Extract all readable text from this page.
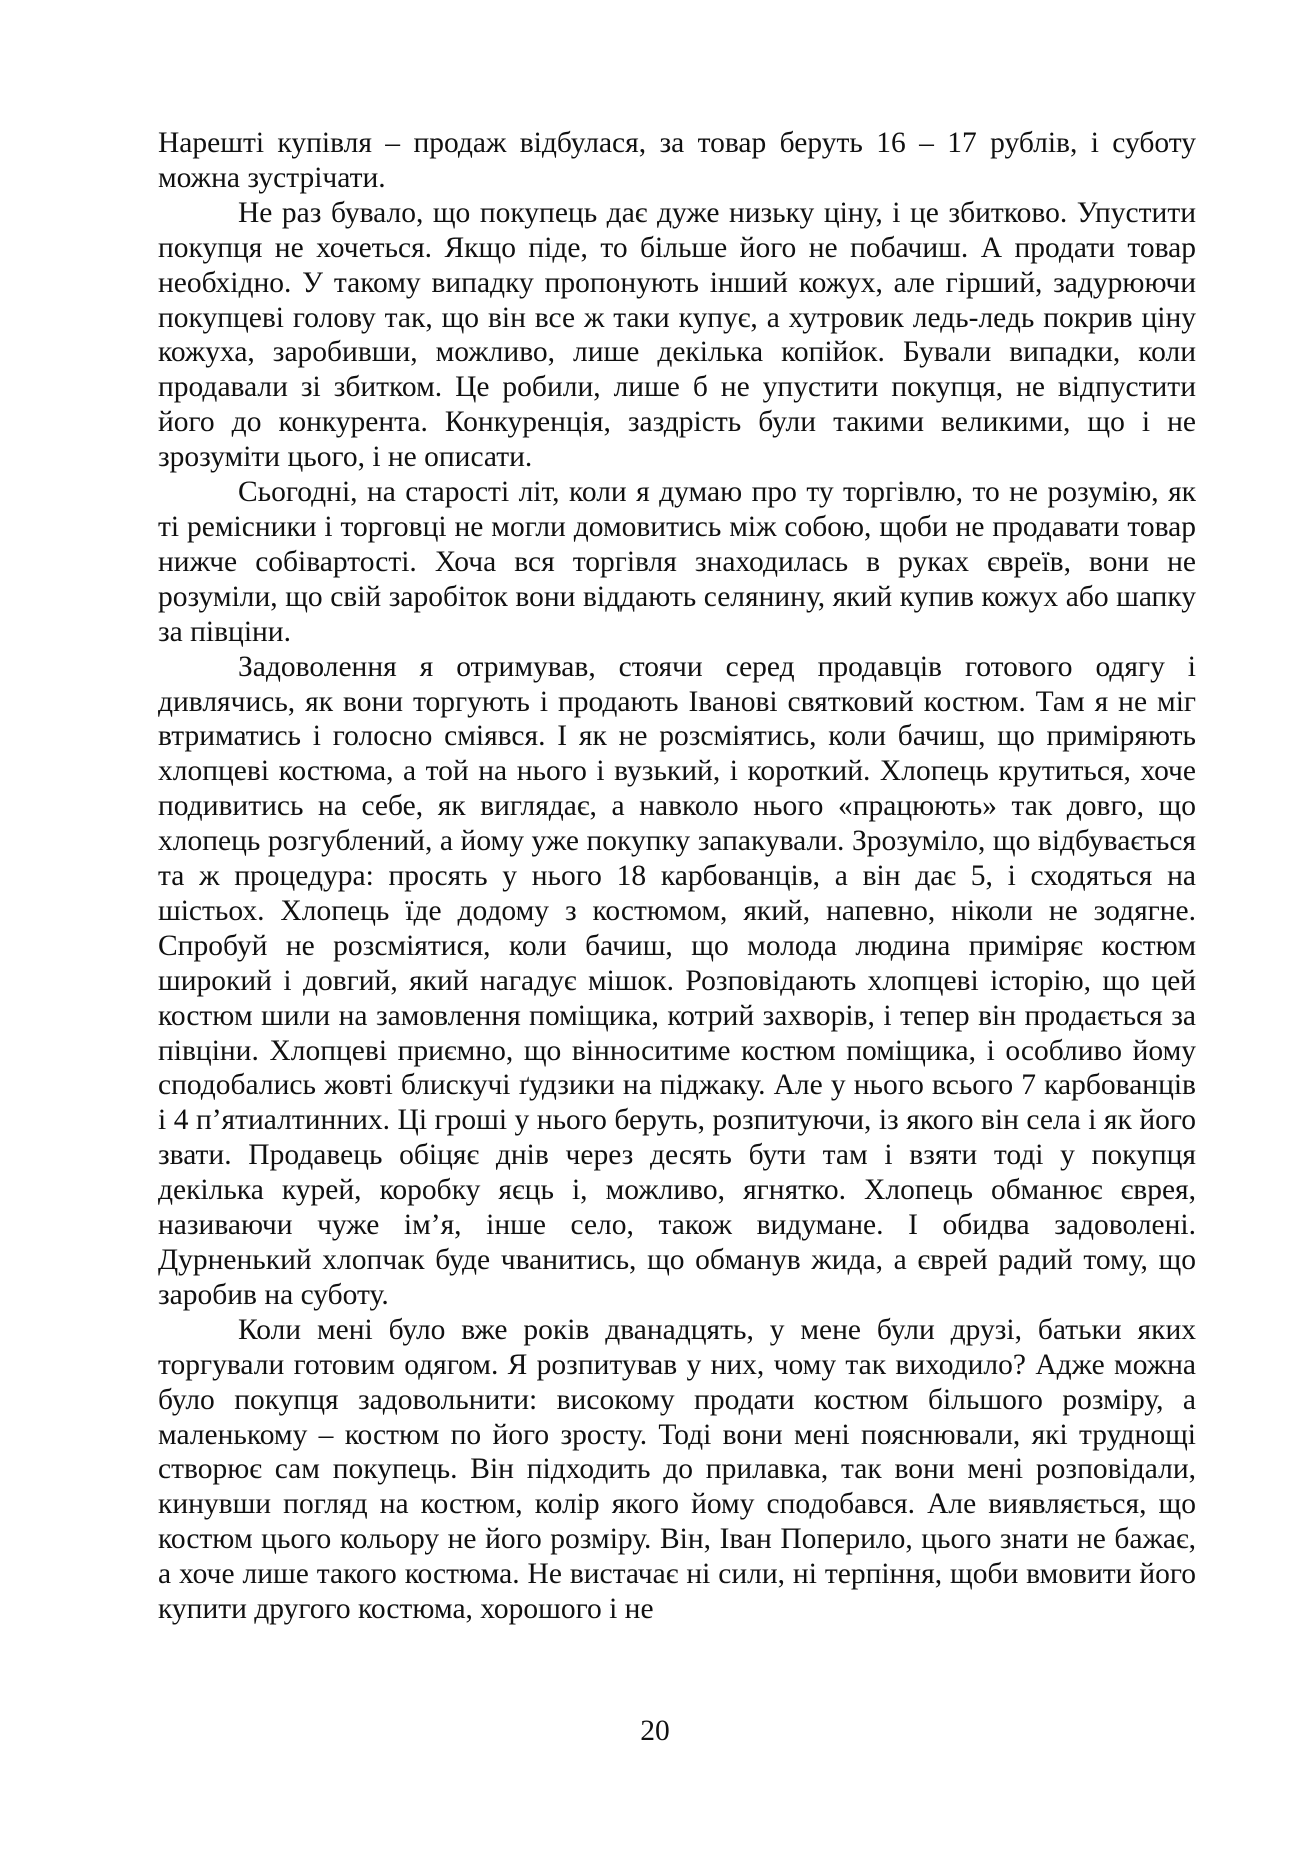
Нарешті купівля – продаж відбулася, за товар беруть 16 – 17 рублів, і суботу можна зустрічати.

Не раз бувало, що покупець дає дуже низьку ціну, і це збитково. Упустити покупця не хочеться. Якщо піде, то більше його не побачиш. А продати товар необхідно. У такому випадку пропонують інший кожух, але гірший, задурюючи покупцеві голову так, що він все ж таки купує, а хутровик ледь-ледь покрив ціну кожуха, заробивши, можливо, лише декілька копійок. Бували випадки, коли продавали зі збитком. Це робили, лише б не упустити покупця, не відпустити його до конкурента. Конкуренція, заздрість були такими великими, що і не зрозуміти цього, і не описати.

Сьогодні, на старості літ, коли я думаю про ту торгівлю, то не розумію, як ті ремісники і торговці не могли домовитись між собою, щоби не продавати товар нижче собівартості. Хоча вся торгівля знаходилась в руках євреїв, вони не розуміли, що свій заробіток вони віддають селянину, який купив кожух або шапку за півціни.

Задоволення я отримував, стоячи серед продавців готового одягу і дивлячись, як вони торгують і продають Іванові святковий костюм. Там я не міг втриматись і голосно сміявся. І як не розсміятись, коли бачиш, що приміряють хлопцеві костюма, а той на нього і вузький, і короткий. Хлопець крутиться, хоче подивитись на себе, як виглядає, а навколо нього «працюють» так довго, що хлопець розгублений, а йому уже покупку запакували. Зрозуміло, що відбувається та ж процедура: просять у нього 18 карбованців, а він дає 5, і сходяться на шістьох. Хлопець їде додому з костюмом, який, напевно, ніколи не зодягне. Спробуй не розсміятися, коли бачиш, що молода людина приміряє костюм широкий і довгий, який нагадує мішок. Розповідають хлопцеві історію, що цей костюм шили на замовлення поміщика, котрий захворів, і тепер він продається за півціни. Хлопцеві приємно, що вінноситиме костюм поміщика, і особливо йому сподобались жовті блискучі ґудзики на піджаку. Але у нього всього 7 карбованців і 4 п’ятиалтинних. Ці гроші у нього беруть, розпитуючи, із якого він села і як його звати. Продавець обіцяє днів через десять бути там і взяти тоді у покупця декілька курей, коробку яєць і, можливо, ягнятко. Хлопець обманює єврея, називаючи чуже ім’я, інше село, також видумане. І обидва задоволені. Дурненький хлопчак буде чванитись, що обманув жида, а єврей радий тому, що заробив на суботу.

Коли мені було вже років дванадцять, у мене були друзі, батьки яких торгували готовим одягом. Я розпитував у них, чому так виходило? Адже можна було покупця задовольнити: високому продати костюм більшого розміру, а маленькому – костюм по його зросту. Тоді вони мені пояснювали, які труднощі створює сам покупець. Він підходить до прилавка, так вони мені розповідали, кинувши погляд на костюм, колір якого йому сподобався. Але виявляється, що костюм цього кольору не його розміру. Він, Іван Поперило, цього знати не бажає, а хоче лише такого костюма. Не вистачає ні сили, ні терпіння, щоби вмовити його купити другого костюма, хорошого і не

20
